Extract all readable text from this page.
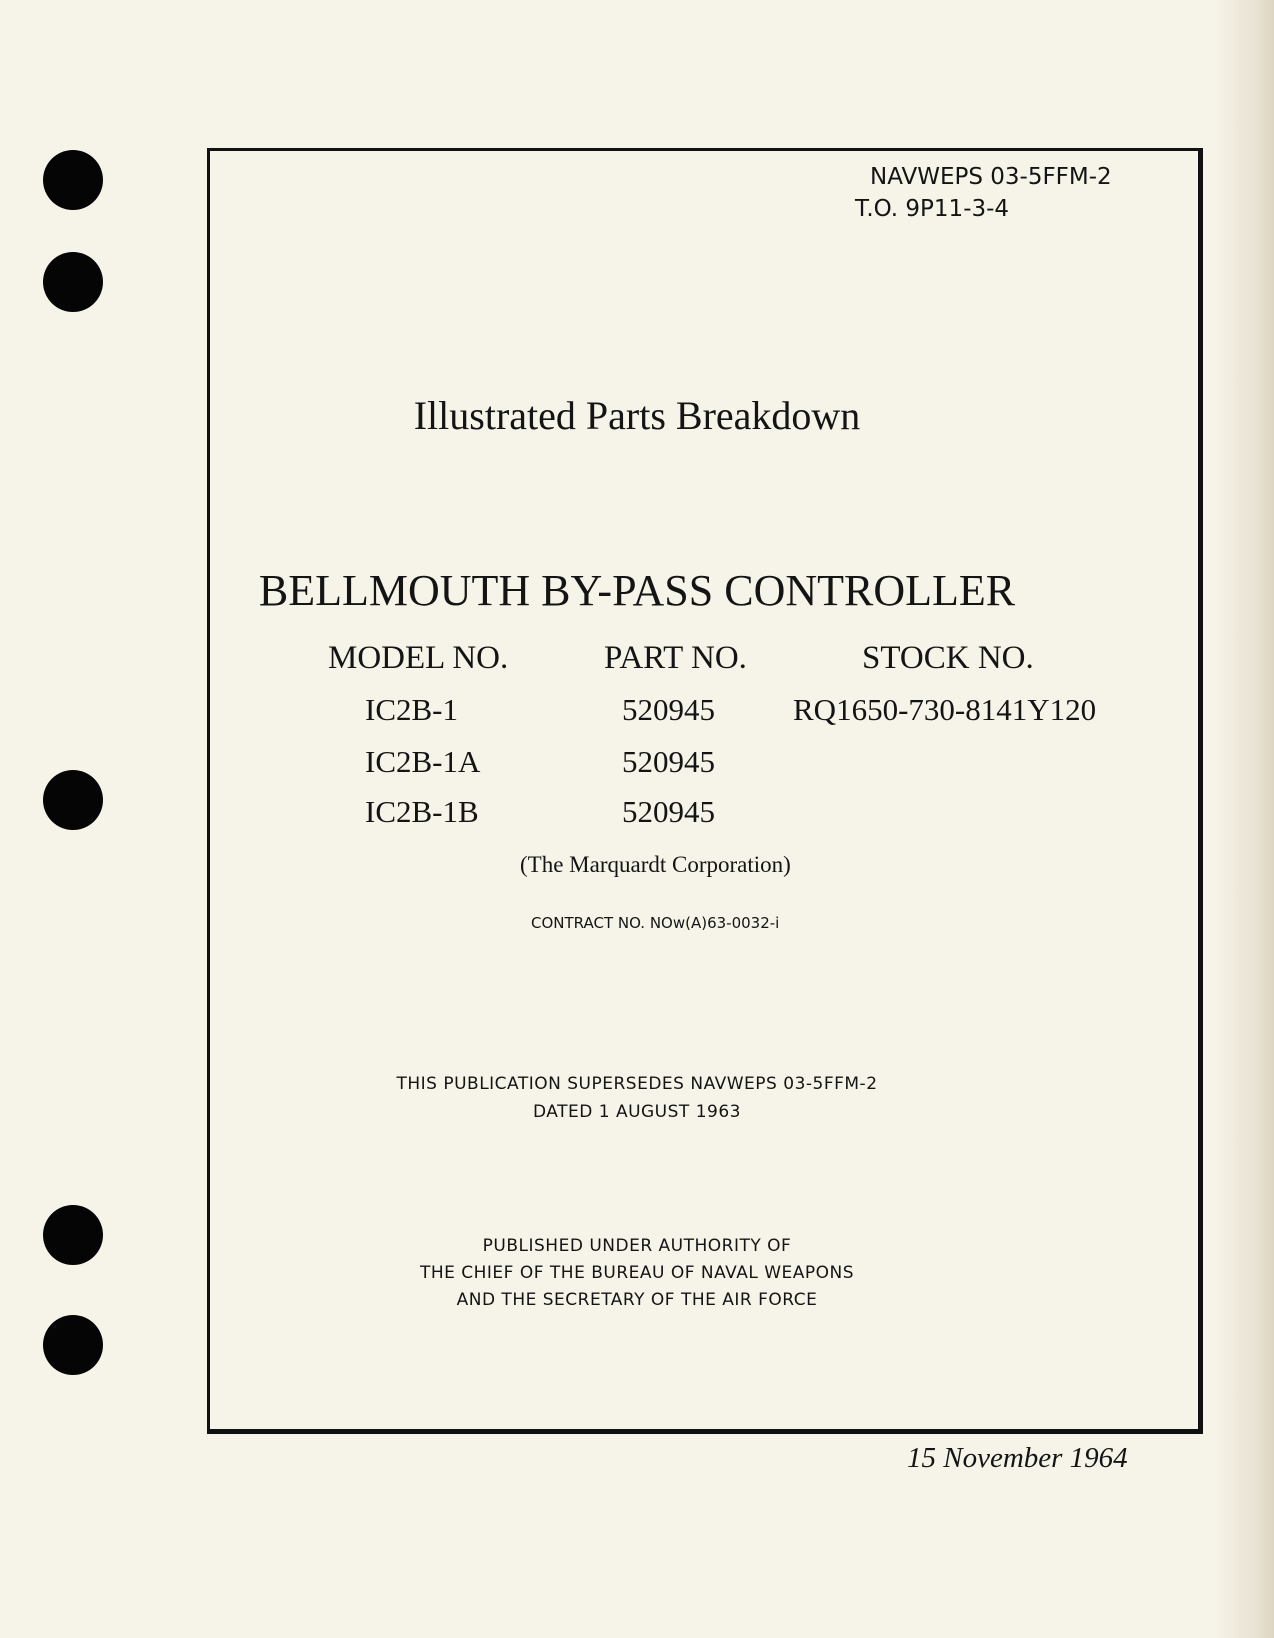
NAVWEPS 03-5FFM-2
T.O. 9P11-3-4
Illustrated Parts Breakdown
BELLMOUTH BY-PASS CONTROLLER
MODEL NO.	PART NO.	STOCK NO.
IC2B-1	520945	RQ1650-730-8141Y120
IC2B-1A	520945
IC2B-1B	520945
(The Marquardt Corporation)
CONTRACT NO. NOw(A)63-0032-i
THIS PUBLICATION SUPERSEDES NAVWEPS 03-5FFM-2
DATED 1 AUGUST 1963
PUBLISHED UNDER AUTHORITY OF
THE CHIEF OF THE BUREAU OF NAVAL WEAPONS
AND THE SECRETARY OF THE AIR FORCE
15 November 1964
